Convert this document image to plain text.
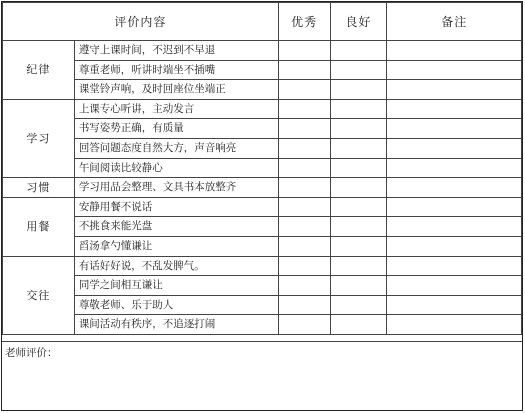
评价内容		优秀	良好	备注
纪律	遵守上课时间，不迟到不早退			
	尊重老师，听讲时端坐不插嘴			
	课堂铃声响，及时回座位坐端正			
学习	上课专心听讲，主动发言			
	书写姿势正确，有质量			
	回答问题态度自然大方，声音响亮			
	午间阅读比较静心			
习惯	学习用品会整理、文具书本放整齐			
用餐	安静用餐不说话			
	不挑食来能光盘			
	舀汤拿勺懂谦让			
交往	有话好好说，不乱发脾气。			
	同学之间相互谦让			
	尊敬老师、乐于助人			
	课间活动有秩序，不追逐打闹			
老师评价：
